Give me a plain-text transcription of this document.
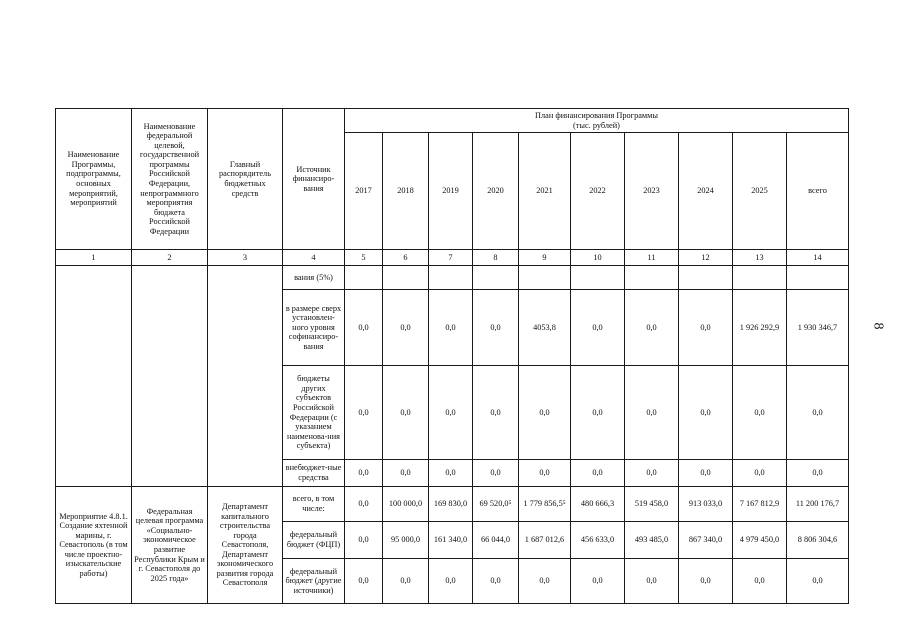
8
Наименование Программы, подпрограммы, основных мероприятий, мероприятий	Наименование федеральной целевой, государственной программы Российской Федерации, непрограммного мероприятия бюджета Российской Федерации	Главный распорядитель бюджетных средств	Источник финансиро-вания	План финансирования Программы
(тыс. рублей)									

				2017	2018	2019	2020	2021	2022	2023	2024	2025	всего
1	2	3	4	5	6	7	8	9	10	11	12	13	14
			вания (5%)										
			в размере сверх установлен-ного уровня софинансиро-вания	0,0	0,0	0,0	0,0	4053,8	0,0	0,0	0,0	1 926 292,9	1 930 346,7
			бюджеты других субъектов Российской Федерации (с указанием наименова-ния субъекта)	0,0	0,0	0,0	0,0	0,0	0,0	0,0	0,0	0,0	0,0
			внебюджет-ные средства	0,0	0,0	0,0	0,0	0,0	0,0	0,0	0,0	0,0	0,0
Мероприятие 4.8.1. Создание яхтенной марины, г. Севастополь (в том числе проектно-изыскательские работы)	Федеральная целевая программа «Социально-экономическое развитие Республики Крым и г. Севастополя до 2025 года»	Департамент капитального строительства города Севастополя, Департамент экономического развития города Севастополя	всего, в том числе:	0,0	100 000,0	169 830,0	69 520,0⁵	1 779 856,5⁵	480 666,3	519 458,0	913 033,0	7 167 812,9	11 200 176,7
			федеральный бюджет (ФЦП)	0,0	95 000,0	161 340,0	66 044,0	1 687 012,6	456 633,0	493 485,0	867 340,0	4 979 450,0	8 806 304,6
			федеральный бюджет (другие источники)	0,0	0,0	0,0	0,0	0,0	0,0	0,0	0,0	0,0	0,0
